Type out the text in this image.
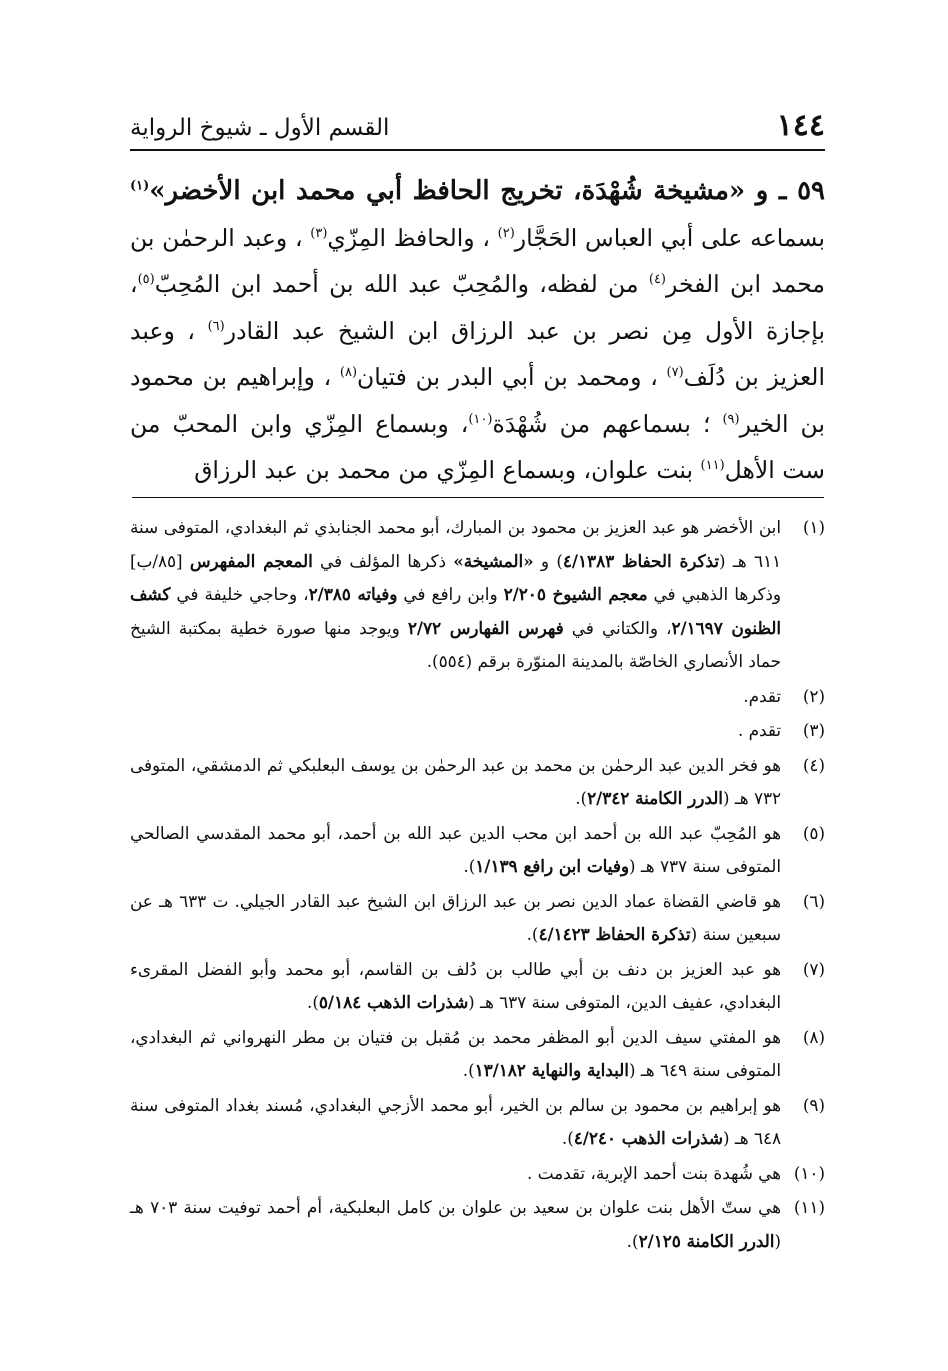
١٤٤
القسم الأول ـ شيوخ الرواية
٥٩ ـ و «مشيخة شُهْدَة، تخريج الحافظ أبي محمد ابن الأخضر»$^{(١)}$ بسماعه على أبي العباس الحَجَّار$^{(٢)}$ ، والحافظ المِزّي$^{(٣)}$ ، وعبد الرحمٰن بن محمد ابن الفخر$^{(٤)}$ من لفظه، والمُحِبّ عبد الله بن أحمد ابن المُحِبّ$^{(٥)}$، بإجازة الأول مِن نصر بن عبد الرزاق ابن الشيخ عبد القادر$^{(٦)}$ ، وعبد العزيز بن دُلَف$^{(٧)}$ ، ومحمد بن أبي البدر بن فتيان$^{(٨)}$ ، وإبراهيم بن محمود بن الخير$^{(٩)}$ ؛ بسماعهم من شُهْدَة$^{(١٠)}$، وبسماع المِزّي وابن المحبّ من ست الأهل$^{(١١)}$ بنت علوان، وبسماع المِزّي من محمد بن عبد الرزاق
(١)
ابن الأخضر هو عبد العزيز بن محمود بن المبارك، أبو محمد الجنابذي ثم البغدادي، المتوفى سنة ٦١١ هـ (تذكرة الحفاظ ٤/١٣٨٣) و «المشيخة» ذكرها المؤلف في المعجم المفهرس [٨٥/ب] وذكرها الذهبي في معجم الشيوخ ٢/٢٠٥ وابن رافع في وفياته ٢/٣٨٥، وحاجي خليفة في كشف الظنون ٢/١٦٩٧، والكتاني في فهرس الفهارس ٢/٧٢ ويوجد منها صورة خطية بمكتبة الشيخ حماد الأنصاري الخاصّة بالمدينة المنوّرة برقم (٥٥٤).
(٢)
تقدم.
(٣)
تقدم .
(٤)
هو فخر الدين عبد الرحمٰن بن محمد بن عبد الرحمٰن بن يوسف البعلبكي ثم الدمشقي، المتوفى ٧٣٢ هـ (الدرر الكامنة ٢/٣٤٢).
(٥)
هو المُحِبّ عبد الله بن أحمد ابن محب الدين عبد الله بن أحمد، أبو محمد المقدسي الصالحي المتوفى سنة ٧٣٧ هـ (وفيات ابن رافع ١/١٣٩).
(٦)
هو قاضي القضاة عماد الدين نصر بن عبد الرزاق ابن الشيخ عبد القادر الجيلي. ت ٦٣٣ هـ عن سبعين سنة (تذكرة الحفاظ ٤/١٤٢٣).
(٧)
هو عبد العزيز بن دنف بن أبي طالب بن دُلف بن القاسم، أبو محمد وأبو الفضل المقرىء البغدادي، عفيف الدين، المتوفى سنة ٦٣٧ هـ (شذرات الذهب ٥/١٨٤).
(٨)
هو المفتي سيف الدين أبو المظفر محمد بن مُقبل بن فتيان بن مطر النهرواني ثم البغدادي، المتوفى سنة ٦٤٩ هـ (البداية والنهاية ١٣/١٨٢).
(٩)
هو إبراهيم بن محمود بن سالم بن الخير، أبو محمد الأزجي البغدادي، مُسند بغداد المتوفى سنة ٦٤٨ هـ (شذرات الذهب ٤/٢٤٠).
(١٠)
هي شُهدة بنت أحمد الإبرية، تقدمت .
(١١)
هي ستّ الأهل بنت علوان بن سعيد بن علوان بن كامل البعلبكية، أم أحمد توفيت سنة ٧٠٣ هـ (الدرر الكامنة ٢/١٢٥).
